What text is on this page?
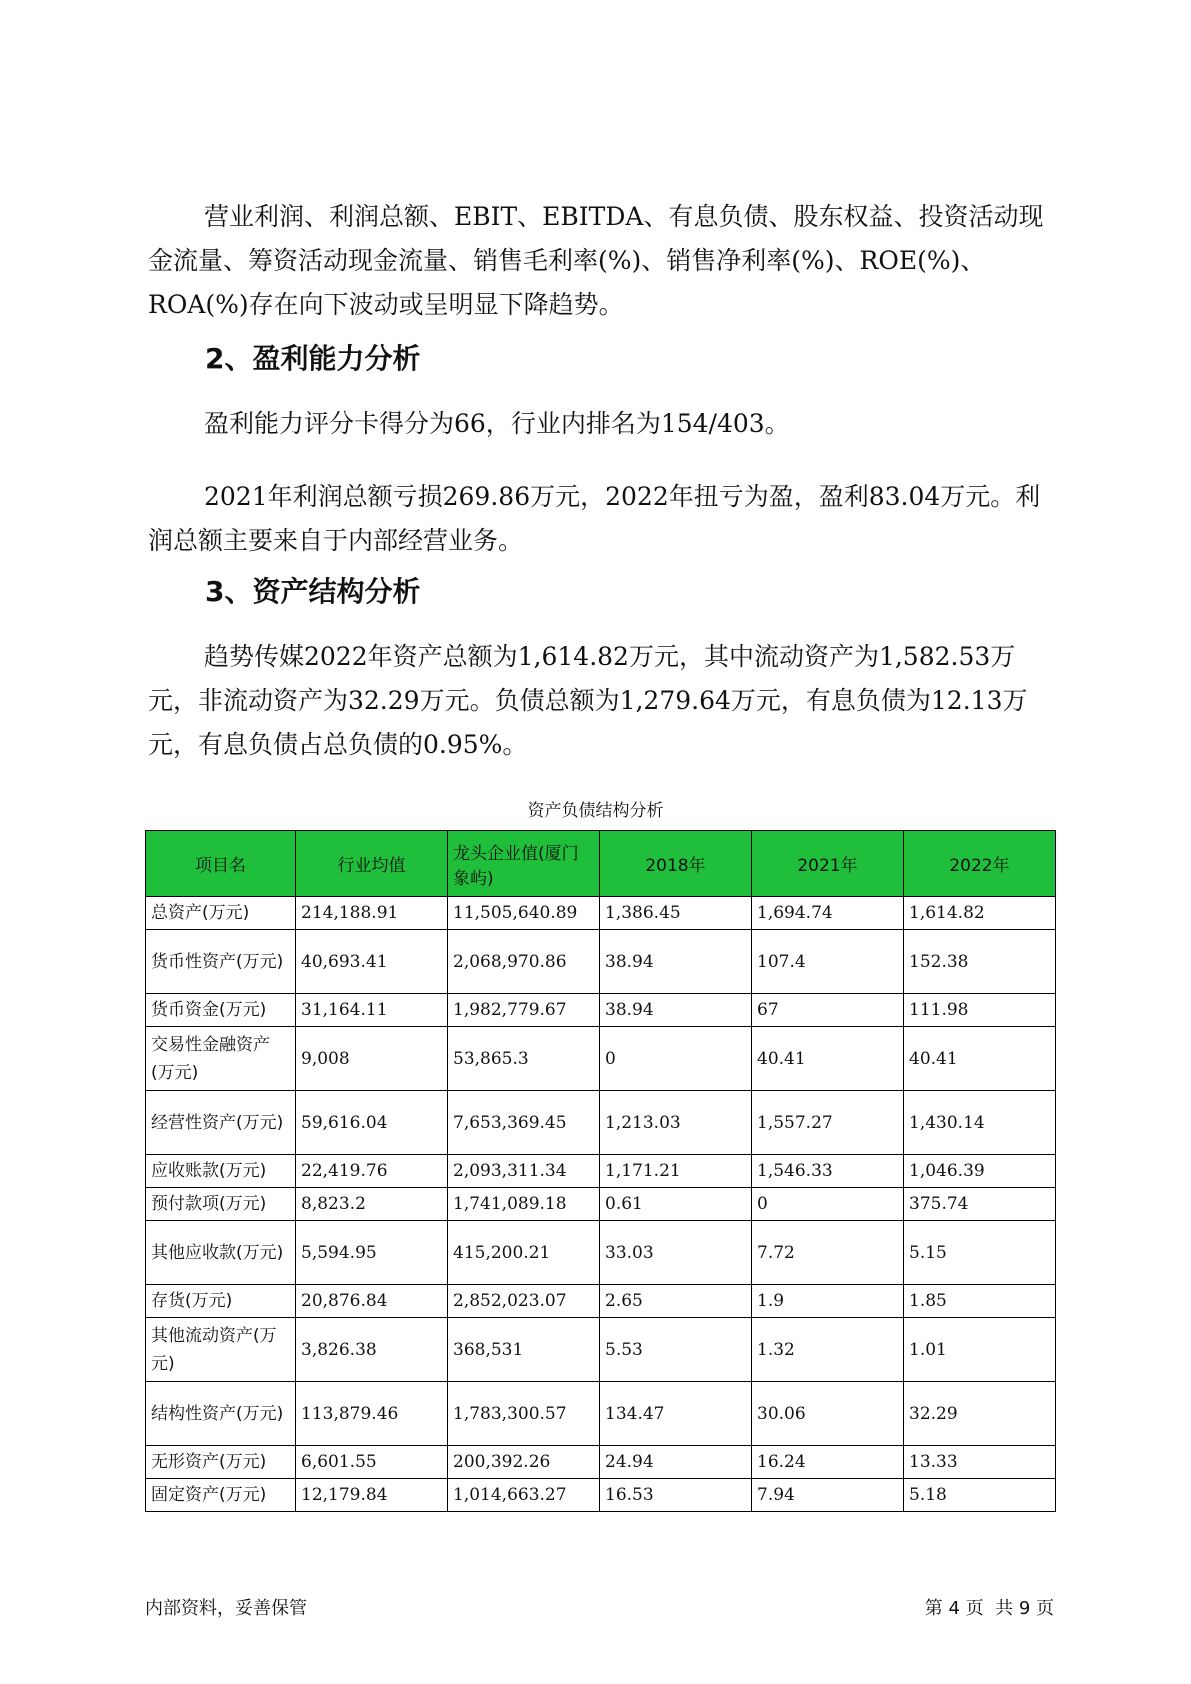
营业利润、利润总额、EBIT、EBITDA、有息负债、股东权益、投资活动现金流量、筹资活动现金流量、销售毛利率(%)、销售净利率(%)、ROE(%)、ROA(%)存在向下波动或呈明显下降趋势。

2、盈利能力分析

盈利能力评分卡得分为66，行业内排名为154/403。

2021年利润总额亏损269.86万元，2022年扭亏为盈，盈利83.04万元。利润总额主要来自于内部经营业务。

3、资产结构分析

趋势传媒2022年资产总额为1,614.82万元，其中流动资产为1,582.53万元，非流动资产为32.29万元。负债总额为1,279.64万元，有息负债为12.13万元，有息负债占总负债的0.95%。

资产负债结构分析
项目名	行业均值	龙头企业值(厦门象屿)	2018年	2021年	2022年
总资产(万元)	214,188.91	11,505,640.89	1,386.45	1,694.74	1,614.82
货币性资产(万元)	40,693.41	2,068,970.86	38.94	107.4	152.38
货币资金(万元)	31,164.11	1,982,779.67	38.94	67	111.98
交易性金融资产(万元)	9,008	53,865.3	0	40.41	40.41
经营性资产(万元)	59,616.04	7,653,369.45	1,213.03	1,557.27	1,430.14
应收账款(万元)	22,419.76	2,093,311.34	1,171.21	1,546.33	1,046.39
预付款项(万元)	8,823.2	1,741,089.18	0.61	0	375.74
其他应收款(万元)	5,594.95	415,200.21	33.03	7.72	5.15
存货(万元)	20,876.84	2,852,023.07	2.65	1.9	1.85
其他流动资产(万元)	3,826.38	368,531	5.53	1.32	1.01
结构性资产(万元)	113,879.46	1,783,300.57	134.47	30.06	32.29
无形资产(万元)	6,601.55	200,392.26	24.94	16.24	13.33
固定资产(万元)	12,179.84	1,014,663.27	16.53	7.94	5.18
内部资料，妥善保管	第 4 页  共 9 页
